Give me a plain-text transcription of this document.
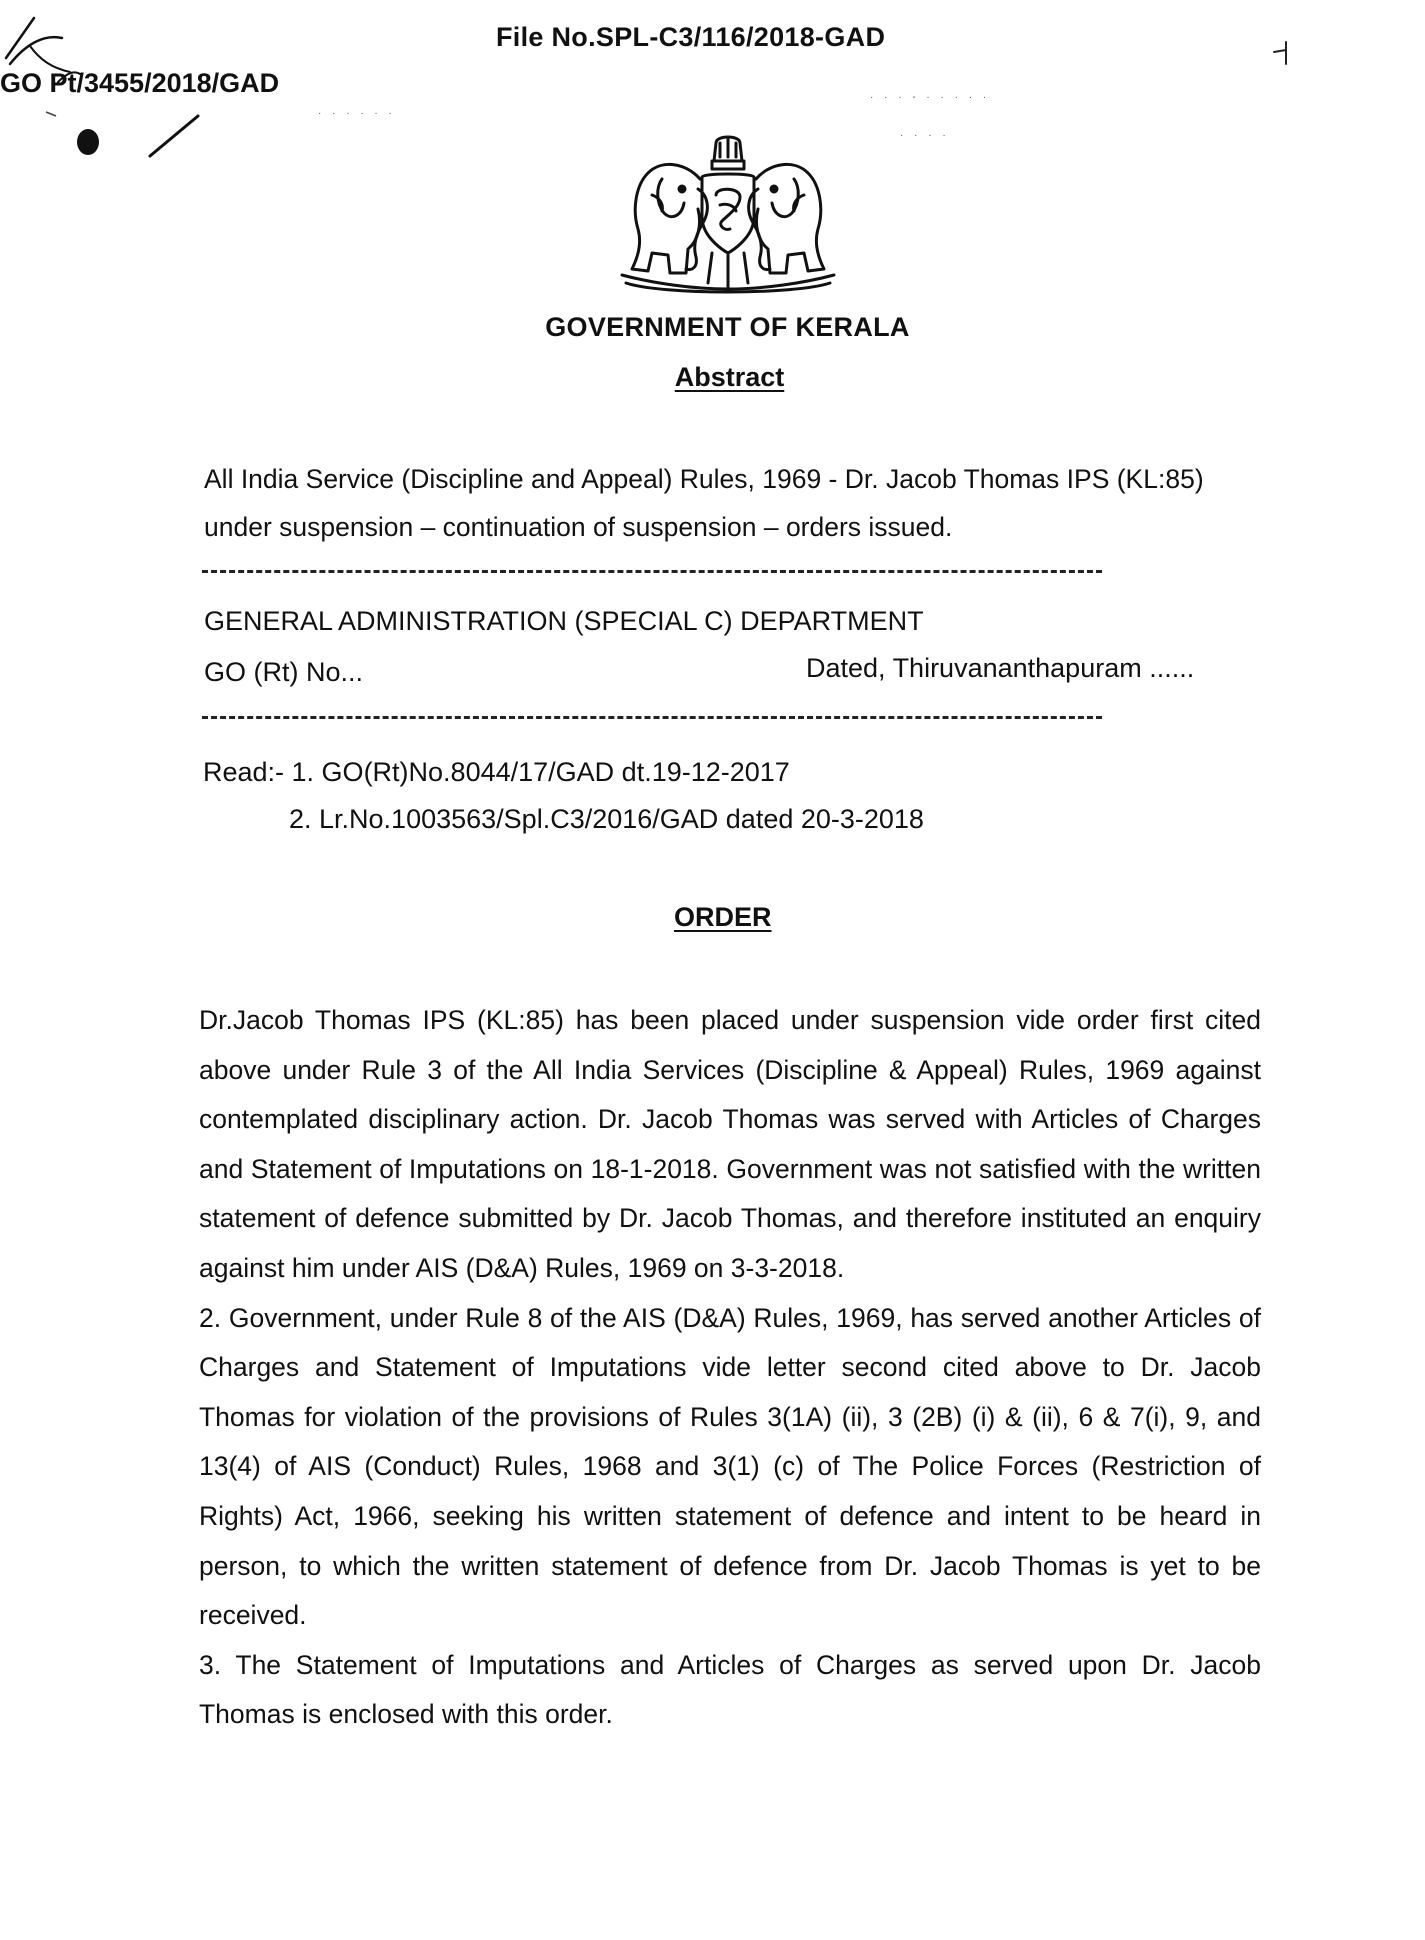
File No.SPL-C3/116/2018-GAD
GO Pt/3455/2018/GAD
· · · · · ·
· · · ‑ · · · · ·
· · · ·
GOVERNMENT OF KERALA
Abstract
All India Service (Discipline and Appeal) Rules, 1969 - Dr. Jacob Thomas IPS (KL:85) under suspension – continuation of suspension – orders issued.
GENERAL ADMINISTRATION (SPECIAL C) DEPARTMENT
GO (Rt) No...	Dated, Thiruvananthapuram ......
Read:- 1. GO(Rt)No.8044/17/GAD dt.19-12-2017
2. Lr.No.1003563/Spl.C3/2016/GAD dated 20-3-2018
ORDER

Dr.Jacob Thomas IPS (KL:85) has been placed under suspension vide order first cited above under Rule 3 of the All India Services (Discipline & Appeal) Rules, 1969 against contemplated disciplinary action. Dr. Jacob Thomas was served with Articles of Charges and Statement of Imputations on 18-1-2018. Government was not satisfied with the written statement of defence submitted by Dr. Jacob Thomas, and therefore instituted an enquiry against him under AIS (D&A) Rules, 1969 on 3-3-2018.

2. Government, under Rule 8 of the AIS (D&A) Rules, 1969, has served another Articles of Charges and Statement of Imputations vide letter second cited above to Dr. Jacob Thomas for violation of the provisions of Rules 3(1A) (ii), 3 (2B) (i) & (ii), 6 & 7(i), 9, and 13(4) of AIS (Conduct) Rules, 1968 and 3(1) (c) of The Police Forces (Restriction of Rights) Act, 1966, seeking his written statement of defence and intent to be heard in person, to which the written statement of defence from Dr. Jacob Thomas is yet to be received.

3. The Statement of Imputations and Articles of Charges as served upon Dr. Jacob Thomas is enclosed with this order.
